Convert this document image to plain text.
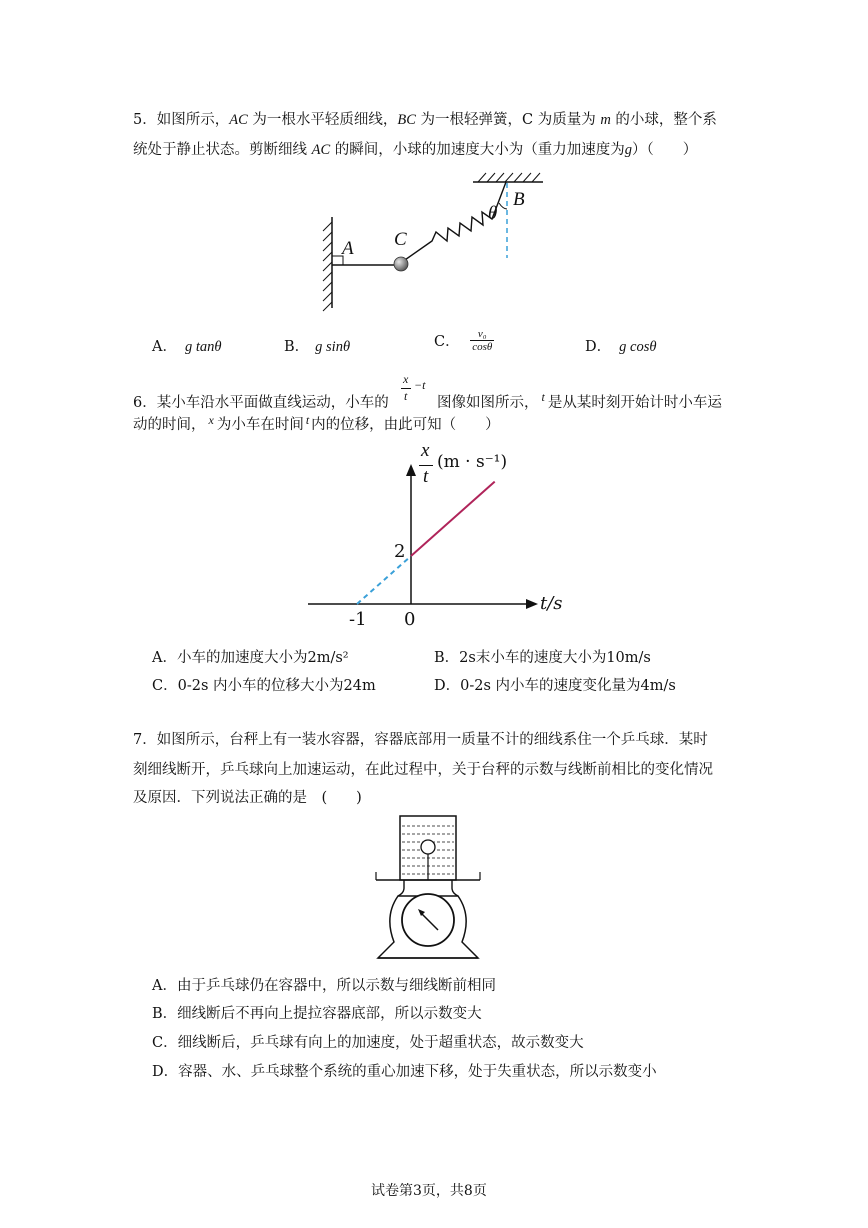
5．如图所示，AC 为一根水平轻质细线，BC 为一根轻弹簧，C 为质量为 m 的小球，整个系
统处于静止状态。剪断细线 AC 的瞬间，小球的加速度大小为（重力加速度为g）（　　）
A C
B
θ
A． g tanθ	B． g sinθ	C． $\frac{\text{v₀}}{\cos\theta}$	D． g cosθ
6．某小车沿水平面做直线运动，小车的
x
t
−t
图像如图所示， $^t$ 是从某时刻开始计时小车运
动的时间， $^x$ 为小车在时间 $^t$ 内的位移，由此可知（　　）
x
t
(m · s⁻¹)
t/s
-1 0
2
A．小车的加速度大小为2m/s²	B．2s末小车的速度大小为10m/s
C．0-2s 内小车的位移大小为24m	D．0-2s 内小车的速度变化量为4m/s
7．如图所示，台秤上有一装水容器，容器底部用一质量不计的细线系住一个乒乓球．某时
刻细线断开，乒乓球向上加速运动，在此过程中，关于台秤的示数与线断前相比的变化情况
及原因．下列说法正确的是　(　　)
A．由于乒乓球仍在容器中，所以示数与细线断前相同
B．细线断后不再向上提拉容器底部，所以示数变大
C．细线断后，乒乓球有向上的加速度，处于超重状态，故示数变大
D．容器、水、乒乓球整个系统的重心加速下移，处于失重状态，所以示数变小
试卷第3页，共8页
